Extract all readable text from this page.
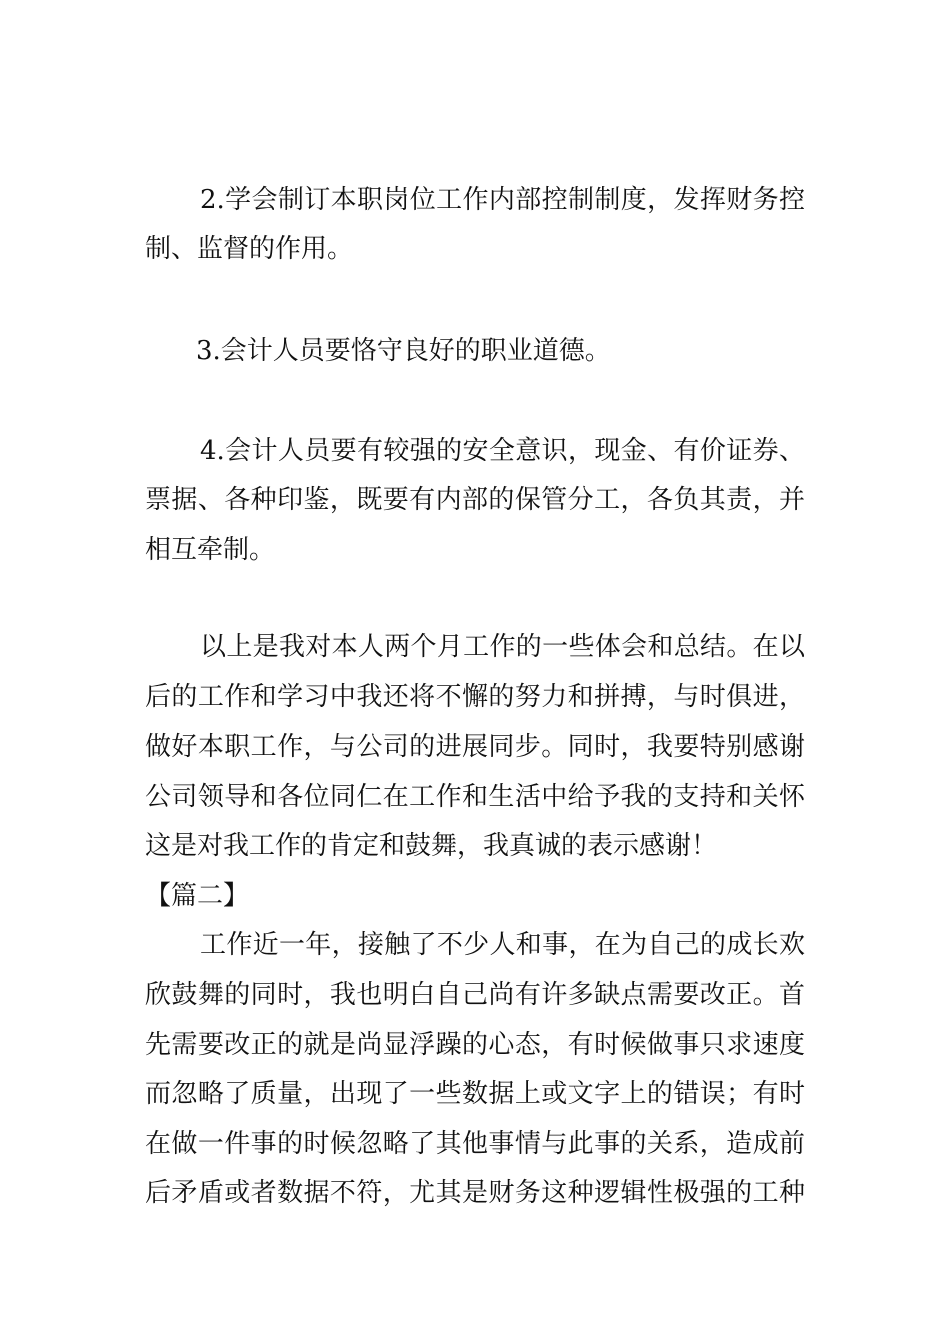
2.学会制订本职岗位工作内部控制制度，发挥财务控
制、监督的作用。
3.会计人员要恪守良好的职业道德。
4.会计人员要有较强的安全意识，现金、有价证券、
票据、各种印鉴，既要有内部的保管分工，各负其责，并
相互牵制。
以上是我对本人两个月工作的一些体会和总结。在以
后的工作和学习中我还将不懈的努力和拼搏，与时俱进，
做好本职工作，与公司的进展同步。同时，我要特别感谢
公司领导和各位同仁在工作和生活中给予我的支持和关怀
这是对我工作的肯定和鼓舞，我真诚的表示感谢！
【篇二】
工作近一年，接触了不少人和事，在为自己的成长欢
欣鼓舞的同时，我也明白自己尚有许多缺点需要改正。首
先需要改正的就是尚显浮躁的心态，有时候做事只求速度
而忽略了质量，出现了一些数据上或文字上的错误；有时
在做一件事的时候忽略了其他事情与此事的关系，造成前
后矛盾或者数据不符，尤其是财务这种逻辑性极强的工种
